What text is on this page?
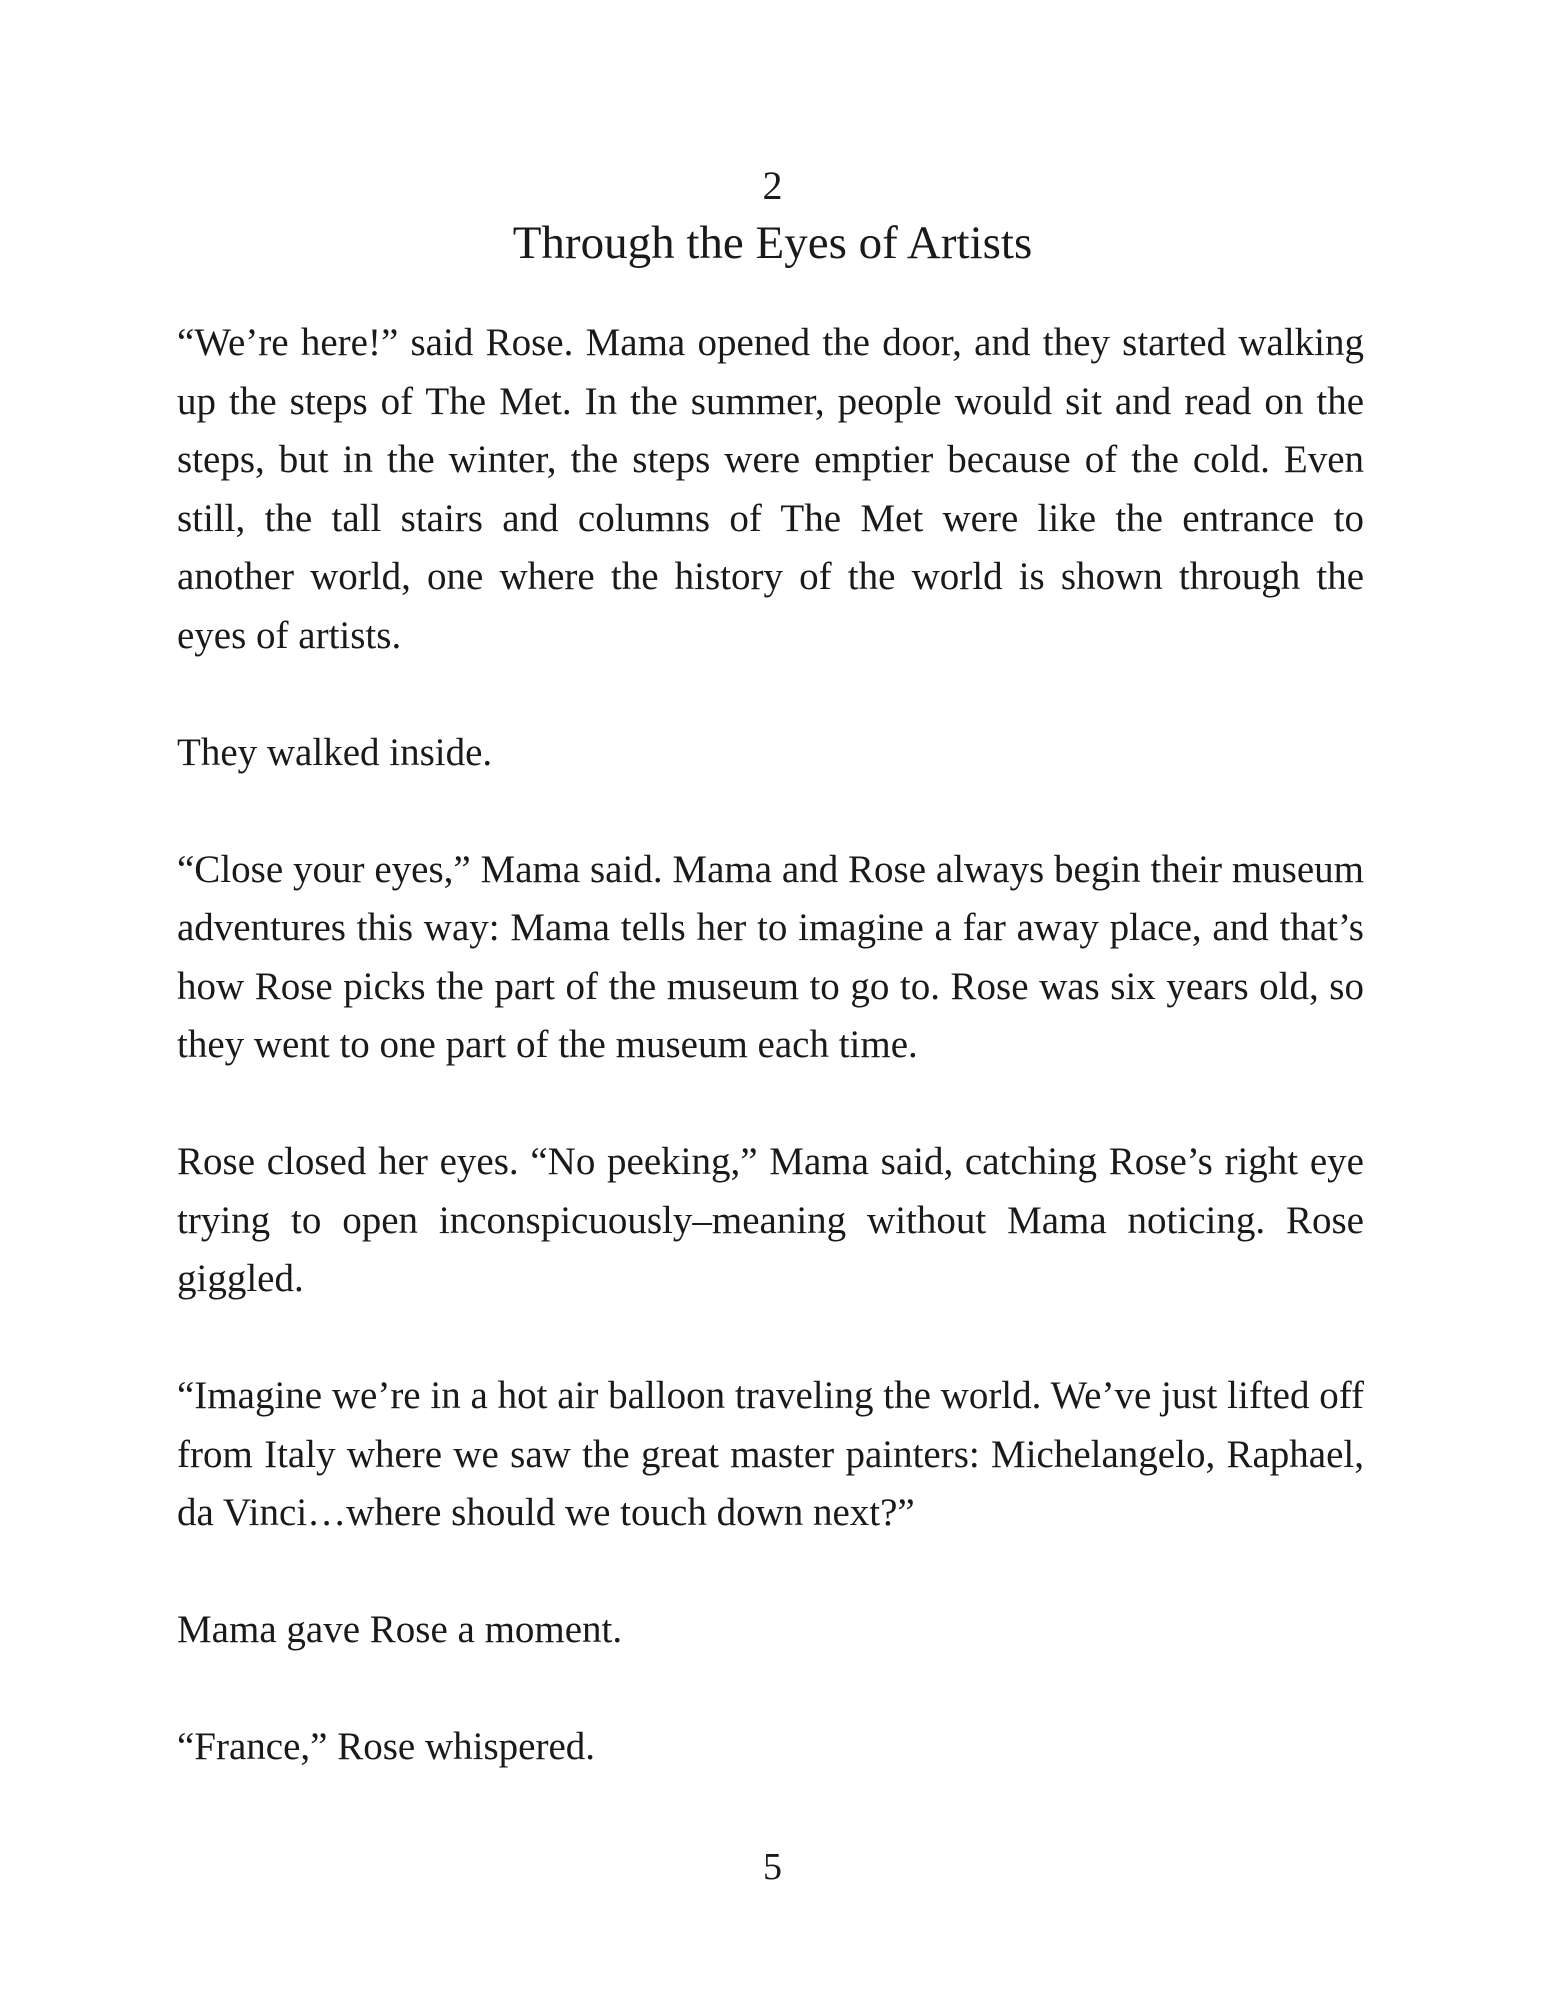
2
Through the Eyes of Artists

“We’re here!” said Rose. Mama opened the door, and they started walking up the steps of The Met. In the summer, people would sit and read on the steps, but in the winter, the steps were emptier because of the cold. Even still, the tall stairs and columns of The Met were like the entrance to another world, one where the history of the world is shown through the eyes of artists.

They walked inside.

“Close your eyes,” Mama said. Mama and Rose always begin their museum adventures this way: Mama tells her to imagine a far away place, and that’s how Rose picks the part of the museum to go to. Rose was six years old, so they went to one part of the museum each time.

Rose closed her eyes. “No peeking,” Mama said, catching Rose’s right eye trying to open inconspicuously–meaning without Mama noticing. Rose giggled.

“Imagine we’re in a hot air balloon traveling the world. We’ve just lifted off from Italy where we saw the great master painters: Michelangelo, Raphael, da Vinci…where should we touch down next?”

Mama gave Rose a moment.

“France,” Rose whispered.

5
